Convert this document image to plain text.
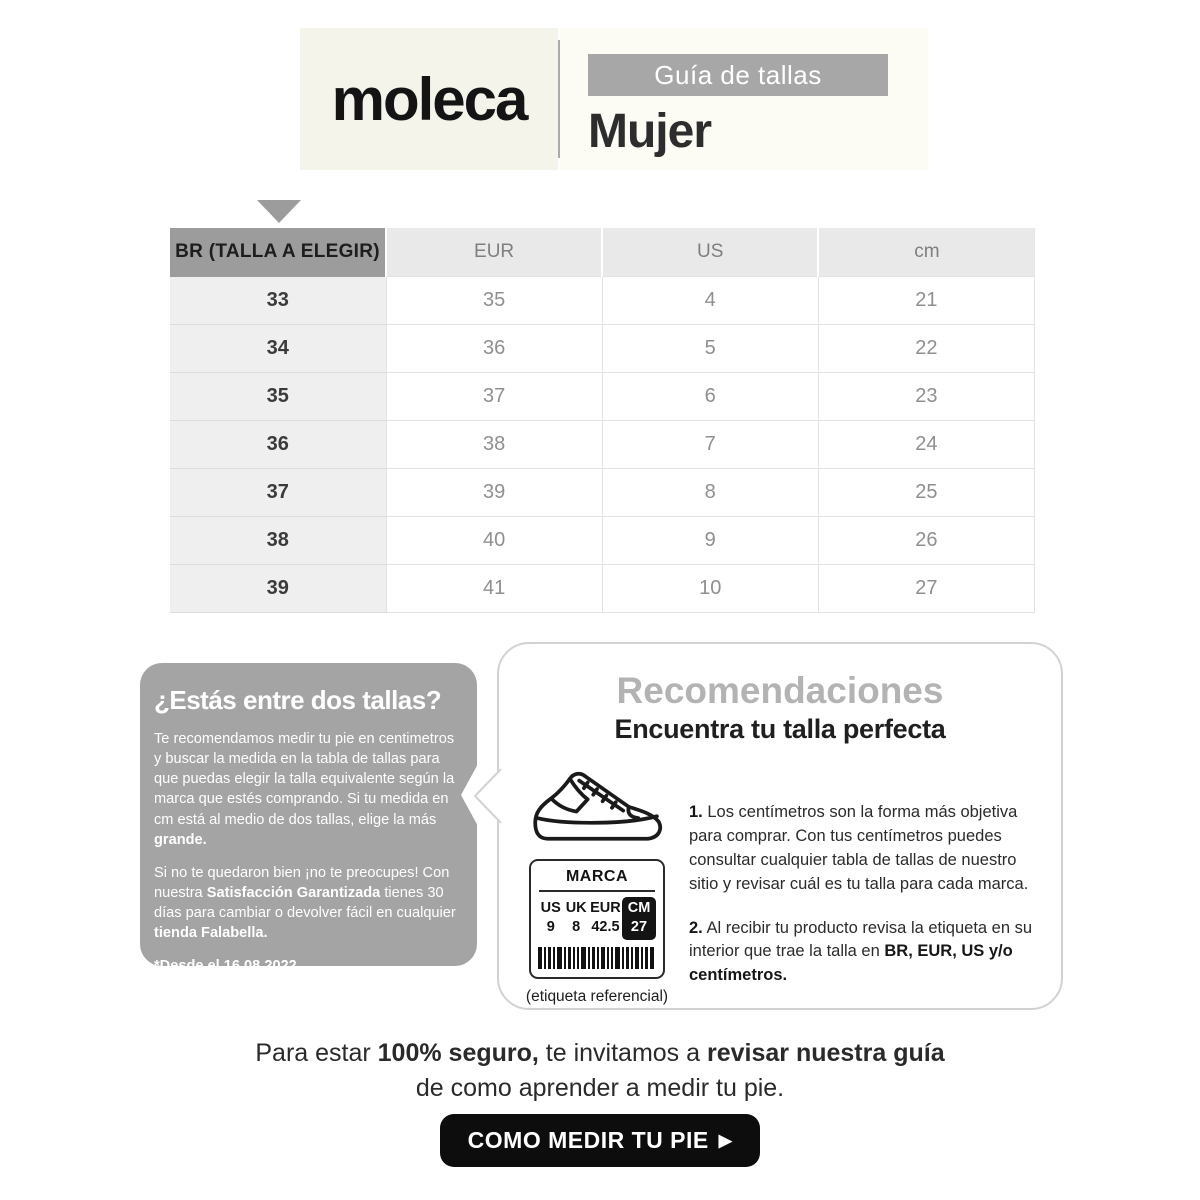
moleca	Guía de tallas
Mujer
BR (TALLA A ELEGIR)	EUR	US	cm
33	35	4	21
34	36	5	22
35	37	6	23
36	38	7	24
37	39	8	25
38	40	9	26
39	41	10	27
¿Estás entre dos tallas?

Te recomendamos medir tu pie en centimetros y buscar la medida en la tabla de tallas para que puedas elegir la talla equivalente según la marca que estés comprando. Si tu medida en cm está al medio de dos tallas, elige la más grande.

Si no te quedaron bien ¡no te preocupes! Con nuestra Satisfacción Garantizada tienes 30 días para cambiar o devolver fácil en cualquier tienda Falabella.

*Desde el 16.08.2022

Recomendaciones
Encuentra tu talla perfecta
MARCA
US
9
UK
8
EUR
42.5
CM
27
(etiqueta referencial)

1. Los centímetros son la forma más objetiva para comprar. Con tus centímetros puedes consultar cualquier tabla de tallas de nuestro sitio y revisar cuál es tu talla para cada marca.

2. Al recibir tu producto revisa la etiqueta en su interior que trae la talla en BR, EUR, US y/o centímetros.

Para estar 100% seguro, te invitamos a revisar nuestra guía
de como aprender a medir tu pie.
COMO MEDIR TU PIE ▶
